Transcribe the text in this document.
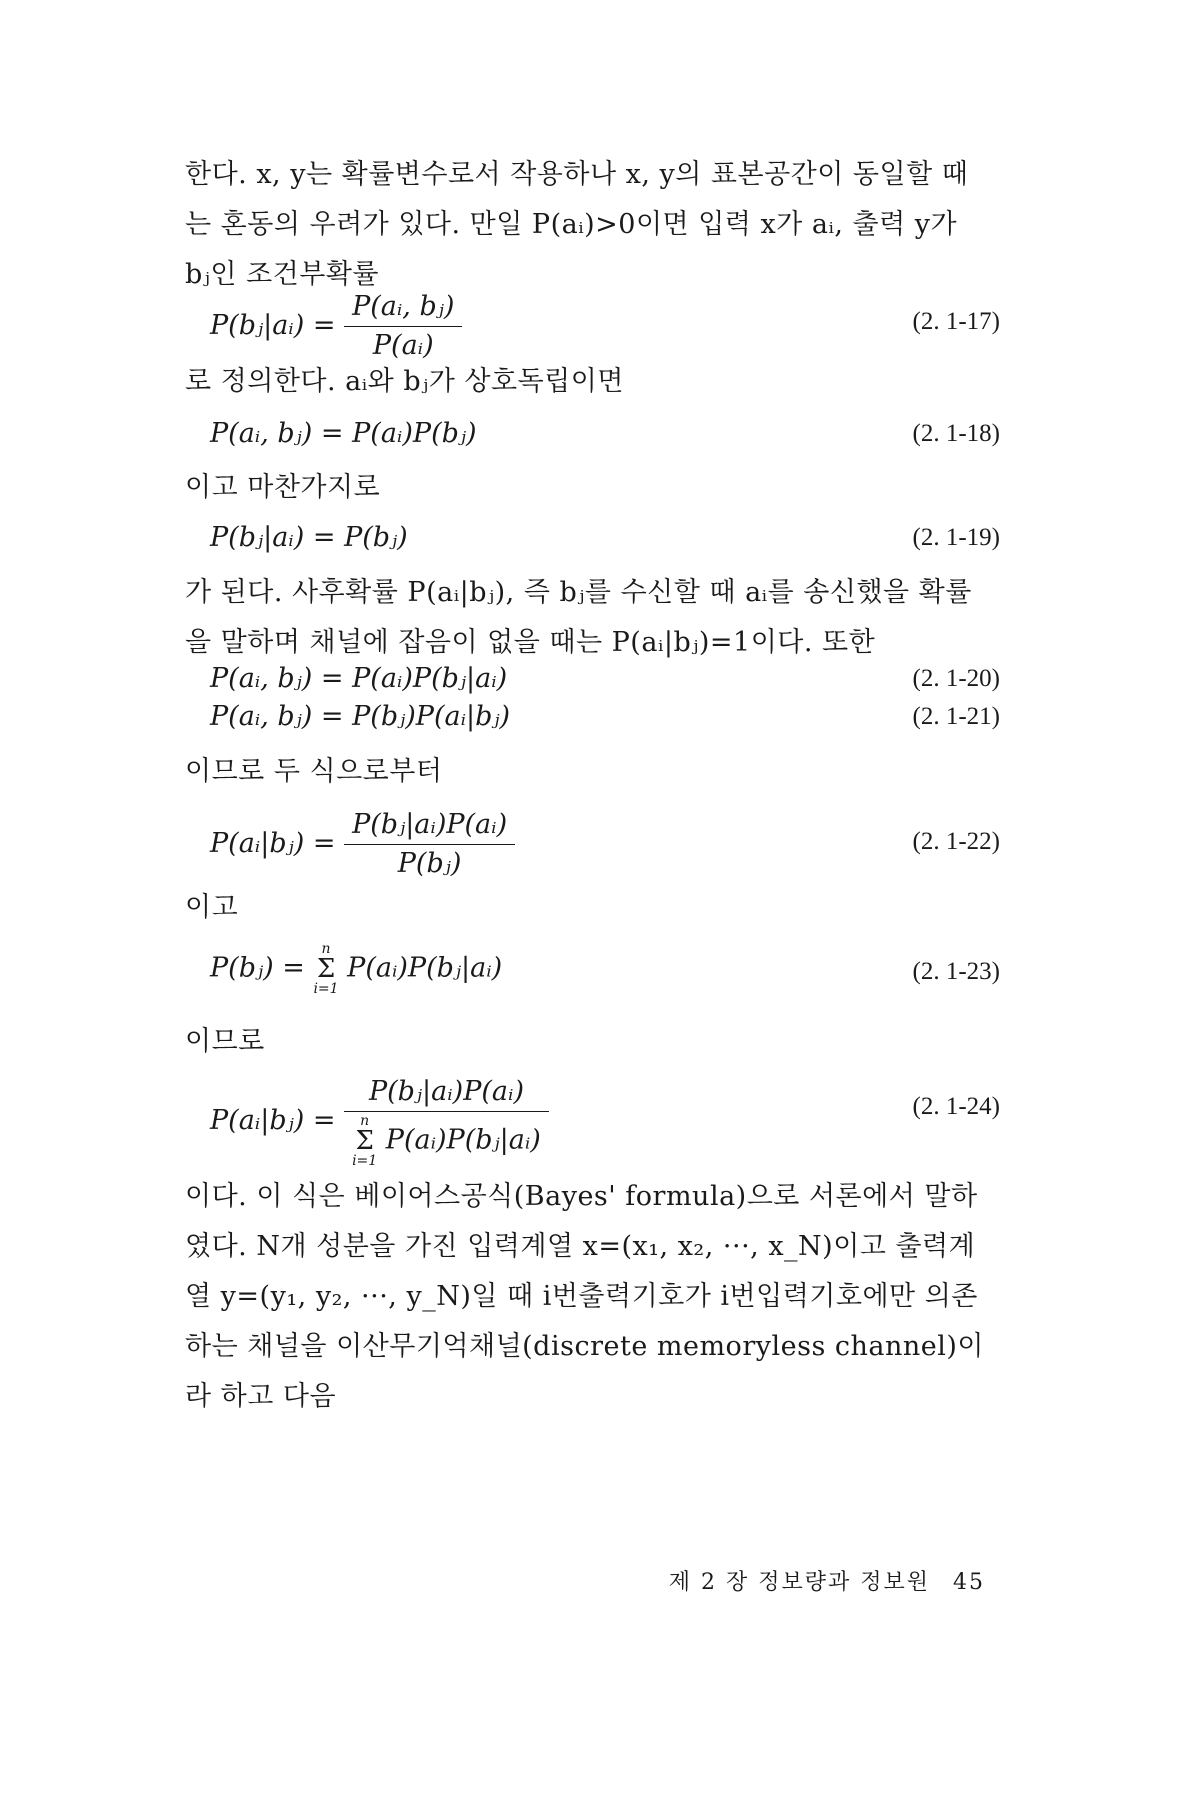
한다. x, y는 확률변수로서 작용하나 x, y의 표본공간이 동일할 때는 혼동의 우려가 있다. 만일 P(aᵢ)>0이면 입력 x가 aᵢ, 출력 y가 bⱼ인 조건부확률
P(bⱼ|aᵢ) = $\frac{\text{P(aᵢ, bⱼ)}}{\text{P(aᵢ)}}$	(2. 1-17)
로 정의한다. aᵢ와 bⱼ가 상호독립이면
P(aᵢ, bⱼ) = P(aᵢ)P(bⱼ)	(2. 1-18)
이고 마찬가지로
P(bⱼ|aᵢ) = P(bⱼ)	(2. 1-19)
가 된다. 사후확률 P(aᵢ|bⱼ), 즉 bⱼ를 수신할 때 aᵢ를 송신했을 확률을 말하며 채널에 잡음이 없을 때는 P(aᵢ|bⱼ)=1이다. 또한
P(aᵢ, bⱼ) = P(aᵢ)P(bⱼ|aᵢ)	(2. 1-20)
P(aᵢ, bⱼ) = P(bⱼ)P(aᵢ|bⱼ)	(2. 1-21)
이므로 두 식으로부터
P(aᵢ|bⱼ) = $\frac{\text{P(bⱼ|aᵢ)P(aᵢ)}}{\text{P(bⱼ)}}$	(2. 1-22)
이고
P(bⱼ) =
n
Σ
i=1
P(aᵢ)P(bⱼ|aᵢ)	(2. 1-23)
이므로
P(aᵢ|bⱼ) = P(bⱼ|aᵢ)P(aᵢ)
n
Σ
i=1
P(aᵢ)P(bⱼ|aᵢ)	(2. 1-24)
이다. 이 식은 베이어스공식(Bayes' formula)으로 서론에서 말하였다. N개 성분을 가진 입력계열 x=(x₁, x₂, ···, x_N)이고 출력계열 y=(y₁, y₂, ···, y_N)일 때 i번출력기호가 i번입력기호에만 의존하는 채널을 이산무기억채널(discrete memoryless channel)이라 하고 다음
제 2 장 정보량과 정보원 45
